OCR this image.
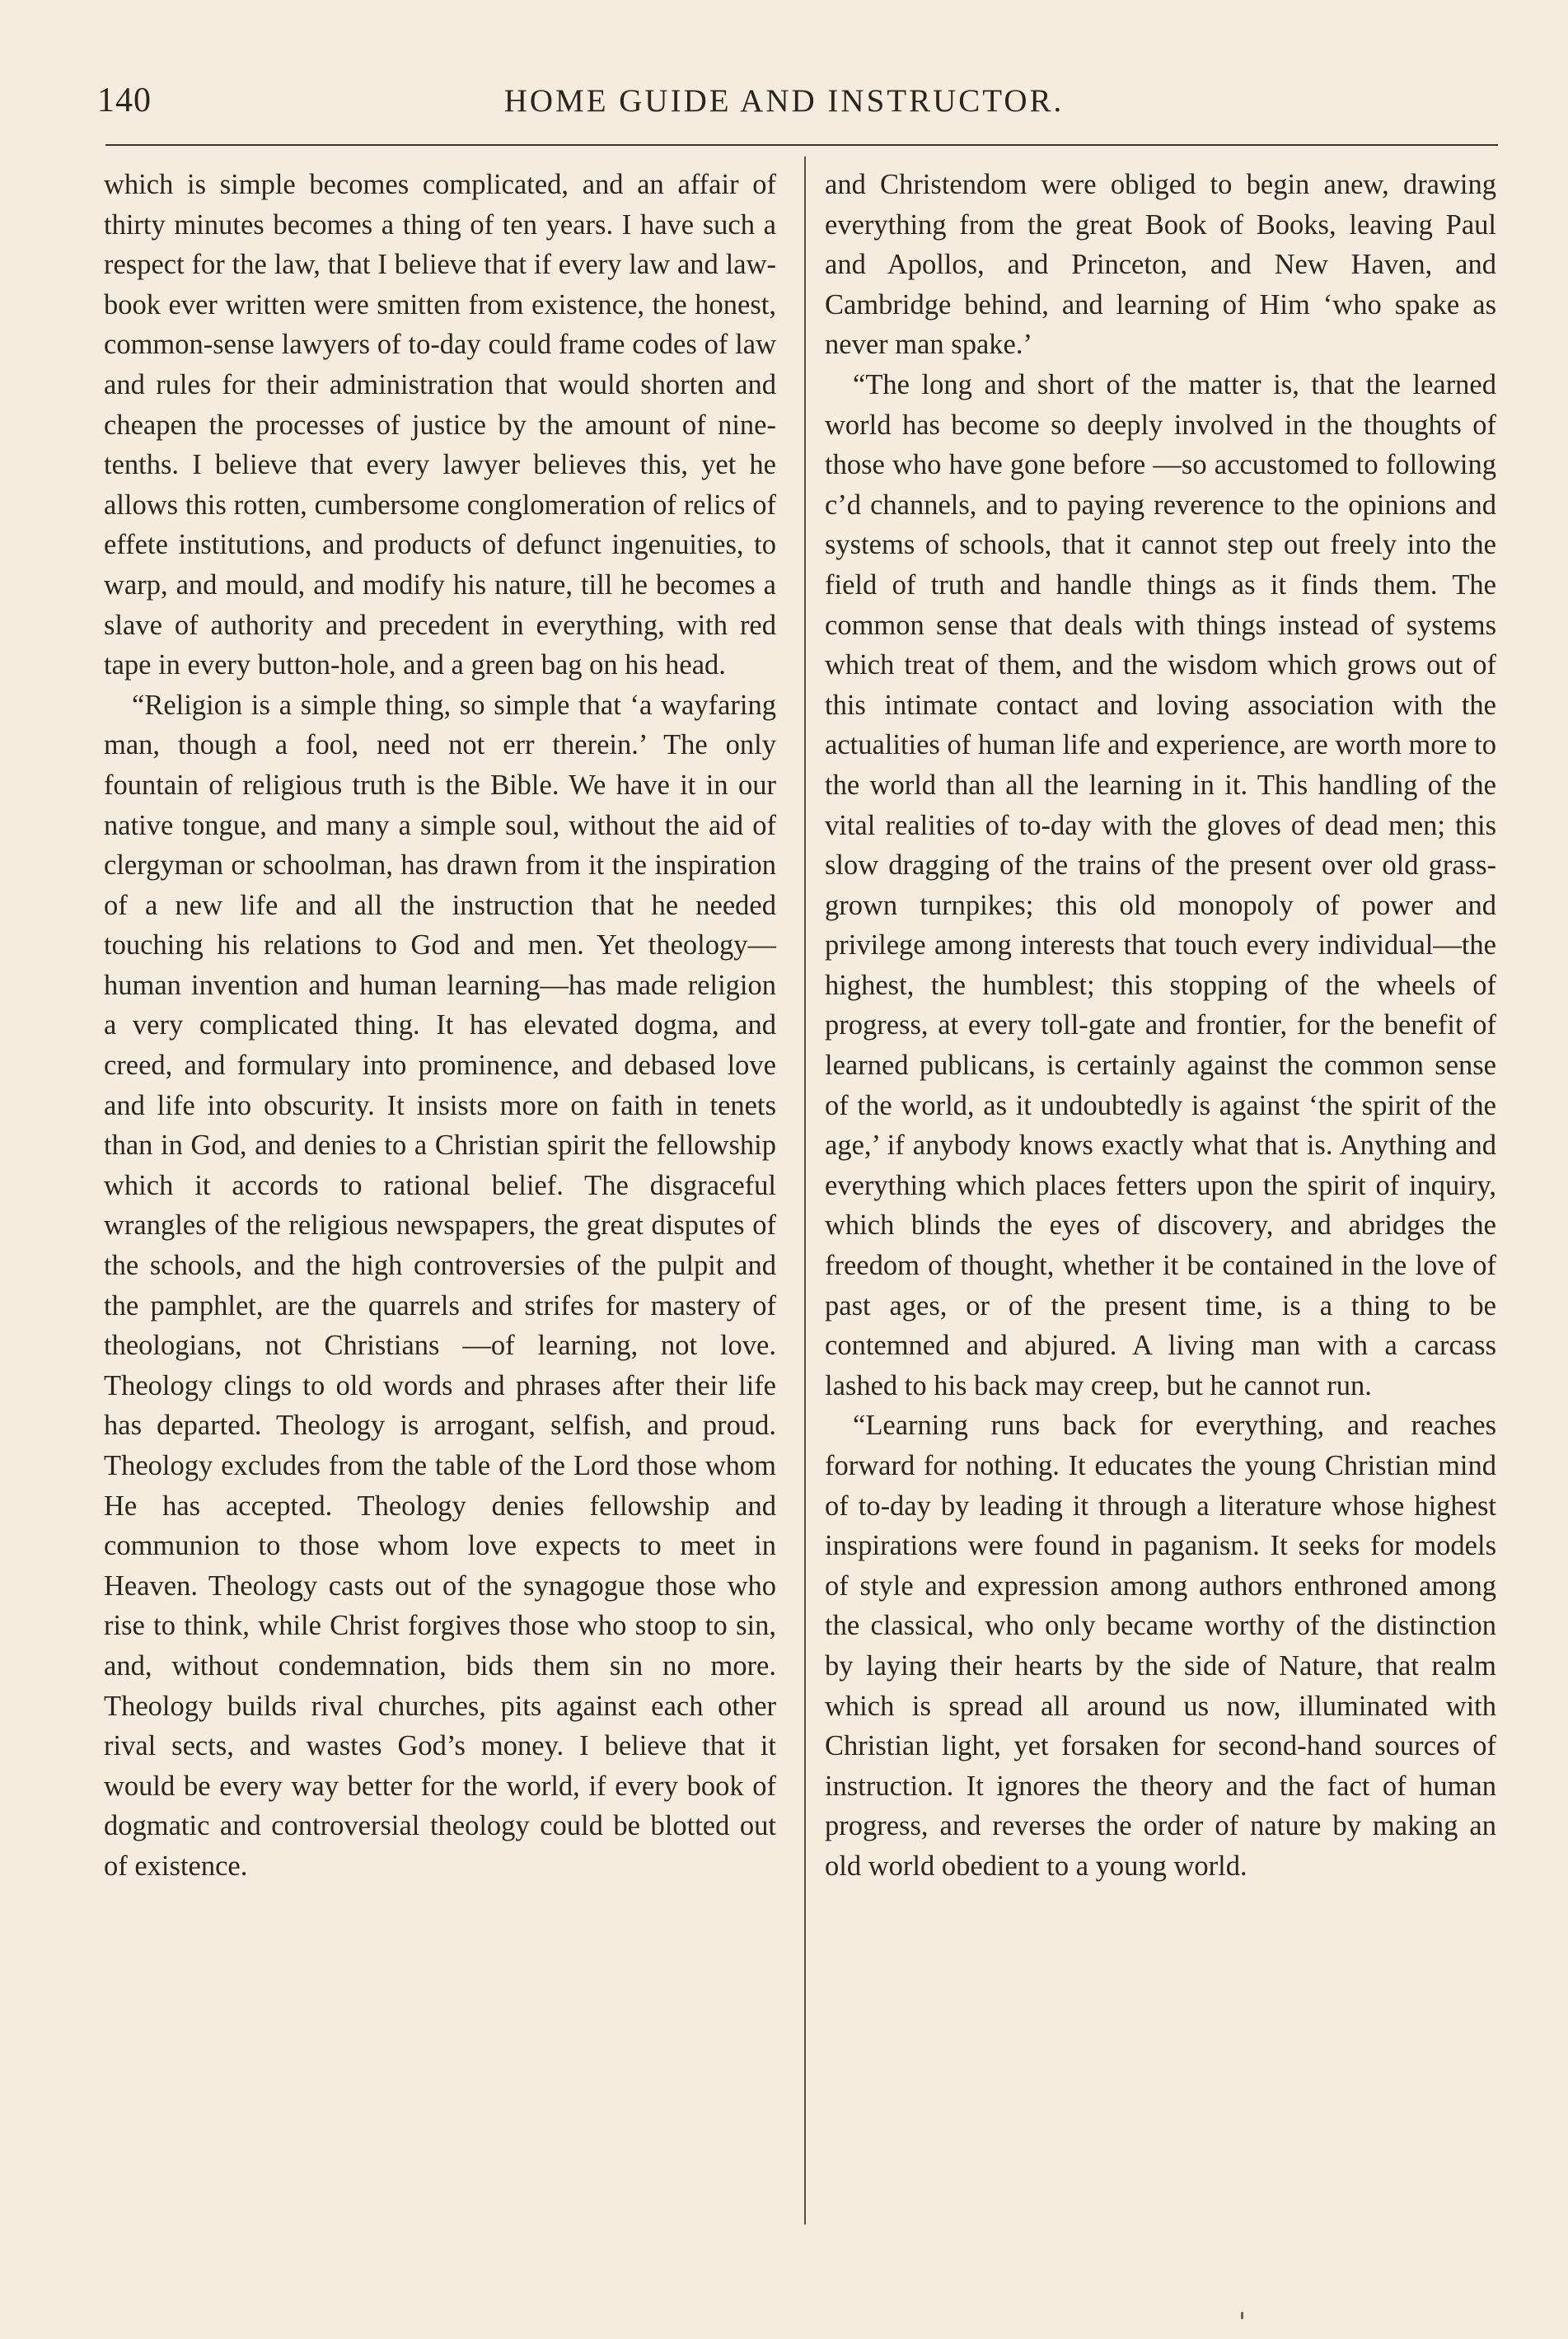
140	HOME GUIDE AND INSTRUCTOR.

which is simple becomes complicated, and an affair of thirty minutes becomes a thing of ten years. I have such a respect for the law, that I believe that if every law and law-book ever written were smitten from existence, the honest, common-sense lawyers of to-day could frame codes of law and rules for their administration that would shorten and cheapen the processes of justice by the amount of nine-tenths. I believe that every lawyer believes this, yet he allows this rotten, cumbersome conglomeration of relics of effete institutions, and products of defunct ingenuities, to warp, and mould, and modify his nature, till he becomes a slave of authority and precedent in everything, with red tape in every button-hole, and a green bag on his head.

“Religion is a simple thing, so simple that ‘a wayfaring man, though a fool, need not err therein.’ The only fountain of religious truth is the Bible. We have it in our native tongue, and many a simple soul, without the aid of clergyman or schoolman, has drawn from it the inspiration of a new life and all the instruction that he needed touching his relations to God and men. Yet theology—human invention and human learning—has made religion a very complicated thing. It has elevated dogma, and creed, and formulary into prominence, and debased love and life into obscurity. It insists more on faith in tenets than in God, and denies to a Christian spirit the fellowship which it accords to rational belief. The disgraceful wrangles of the religious newspapers, the great disputes of the schools, and the high controversies of the pulpit and the pamphlet, are the quarrels and strifes for mastery of theologians, not Christians —of learning, not love. Theology clings to old words and phrases after their life has departed. Theology is arrogant, selfish, and proud. Theology excludes from the table of the Lord those whom He has accepted. Theology denies fellowship and communion to those whom love expects to meet in Heaven. Theology casts out of the synagogue those who rise to think, while Christ forgives those who stoop to sin, and, without condemnation, bids them sin no more. Theology builds rival churches, pits against each other rival sects, and wastes God’s money. I believe that it would be every way better for the world, if every book of dogmatic and controversial theology could be blotted out of existence.

and Christendom were obliged to begin anew, drawing everything from the great Book of Books, leaving Paul and Apollos, and Princeton, and New Haven, and Cambridge behind, and learning of Him ‘who spake as never man spake.’

“The long and short of the matter is, that the learned world has become so deeply involved in the thoughts of those who have gone before —so accustomed to following c’d channels, and to paying reverence to the opinions and systems of schools, that it cannot step out freely into the field of truth and handle things as it finds them. The common sense that deals with things instead of systems which treat of them, and the wisdom which grows out of this intimate contact and loving association with the actualities of human life and experience, are worth more to the world than all the learning in it. This handling of the vital realities of to-day with the gloves of dead men; this slow dragging of the trains of the present over old grass-grown turnpikes; this old monopoly of power and privilege among interests that touch every individual—the highest, the humblest; this stopping of the wheels of progress, at every toll-gate and frontier, for the benefit of learned publicans, is certainly against the common sense of the world, as it undoubtedly is against ‘the spirit of the age,’ if anybody knows exactly what that is. Anything and everything which places fetters upon the spirit of inquiry, which blinds the eyes of discovery, and abridges the freedom of thought, whether it be contained in the love of past ages, or of the present time, is a thing to be contemned and abjured. A living man with a carcass lashed to his back may creep, but he cannot run.

“Learning runs back for everything, and reaches forward for nothing. It educates the young Christian mind of to-day by leading it through a literature whose highest inspirations were found in paganism. It seeks for models of style and expression among authors enthroned among the classical, who only became worthy of the distinction by laying their hearts by the side of Nature, that realm which is spread all around us now, illuminated with Christian light, yet forsaken for second-hand sources of instruction. It ignores the theory and the fact of human progress, and reverses the order of nature by making an old world obedient to a young world.
